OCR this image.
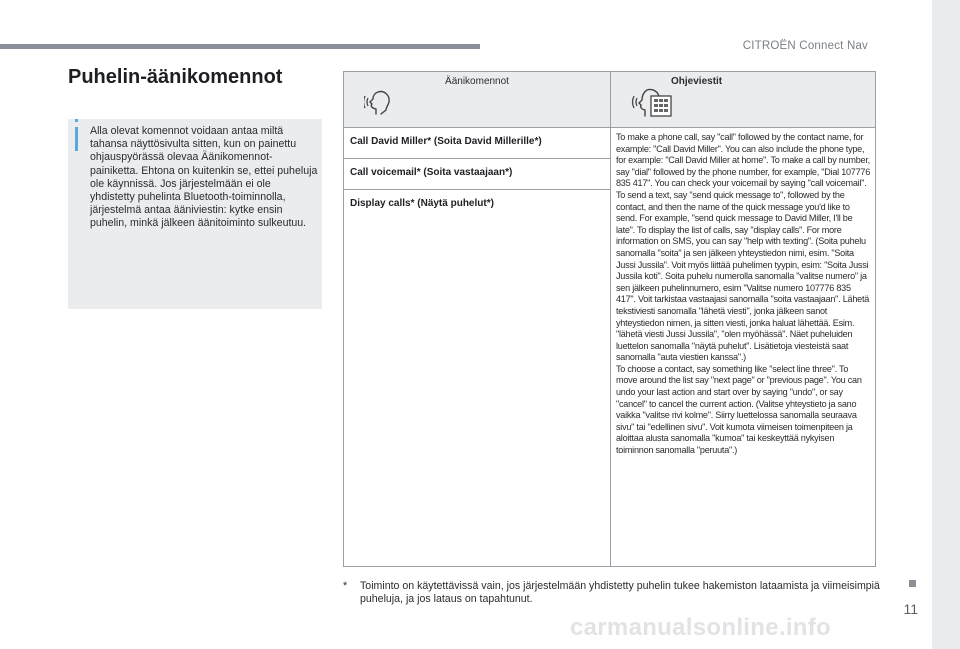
CITROËN Connect Nav
11
carmanualsonline.info
Puhelin-äänikomennot

Alla olevat komennot voidaan antaa miltä tahansa näyttösivulta sitten, kun on painettu ohjauspyörässä olevaa Äänikomennot-painiketta. Ehtona on kuitenkin se, ettei puheluja ole käynnissä. Jos järjestelmään ei ole yhdistetty puhelinta Bluetooth-toiminnolla, järjestelmä antaa ääniviestin: kytke ensin puhelin, minkä jälkeen äänitoiminto sulkeutuu.

Äänikomennot	Ohjeviestit

Call David Miller* (Soita David Millerille*)	To make a phone call, say "call" followed by the contact name, for example: "Call David Miller". You can also include the phone type, for example: "Call David Miller at home". To make a call by number, say "dial" followed by the phone number, for example, "Dial 107776 835 417". You can check your voicemail by saying "call voicemail". To send a text, say "send quick message to", followed by the contact, and then the name of the quick message you'd like to send. For example, "send quick message to David Miller, I'll be late". To display the list of calls, say "display calls". For more information on SMS, you can say "help with texting". (Soita puhelu sanomalla "soita" ja sen jälkeen yhteystiedon nimi, esim. "Soita Jussi Jussila". Voit myös liittää puhelimen tyypin, esim: "Soita Jussi Jussila koti". Soita puhelu numerolla sanomalla "valitse numero" ja sen jälkeen puhelinnumero, esim "Valitse numero 107776 835 417". Voit tarkistaa vastaajasi sanomalla "soita vastaajaan". Lähetä tekstiviesti sanomalla "lähetä viesti", jonka jälkeen sanot yhteystiedon nimen, ja sitten viesti, jonka haluat lähettää. Esim. "lähetä viesti Jussi Jussila", "olen myöhässä". Näet puheluiden luettelon sanomalla "näytä puhelut". Lisätietoja viesteistä saat sanomalla "auta viestien kanssa".)

To choose a contact, say something like "select line three". To move around the list say "next page" or "previous page". You can undo your last action and start over by saying "undo", or say "cancel" to cancel the current action. (Valitse yhteystieto ja sano vaikka "valitse rivi kolme". Siirry luettelossa sanomalla seuraava sivu" tai "edellinen sivu". Voit kumota viimeisen toimenpiteen ja aloittaa alusta sanomalla "kumoa" tai keskeyttää nykyisen toiminnon sanomalla "peruuta".)

Call voicemail* (Soita vastaajaan*)	
Display calls* (Näytä puhelut*)	
* Toiminto on käytettävissä vain, jos järjestelmään yhdistetty puhelin tukee hakemiston lataamista ja viimeisimpiä puheluja, ja jos lataus on tapahtunut.
